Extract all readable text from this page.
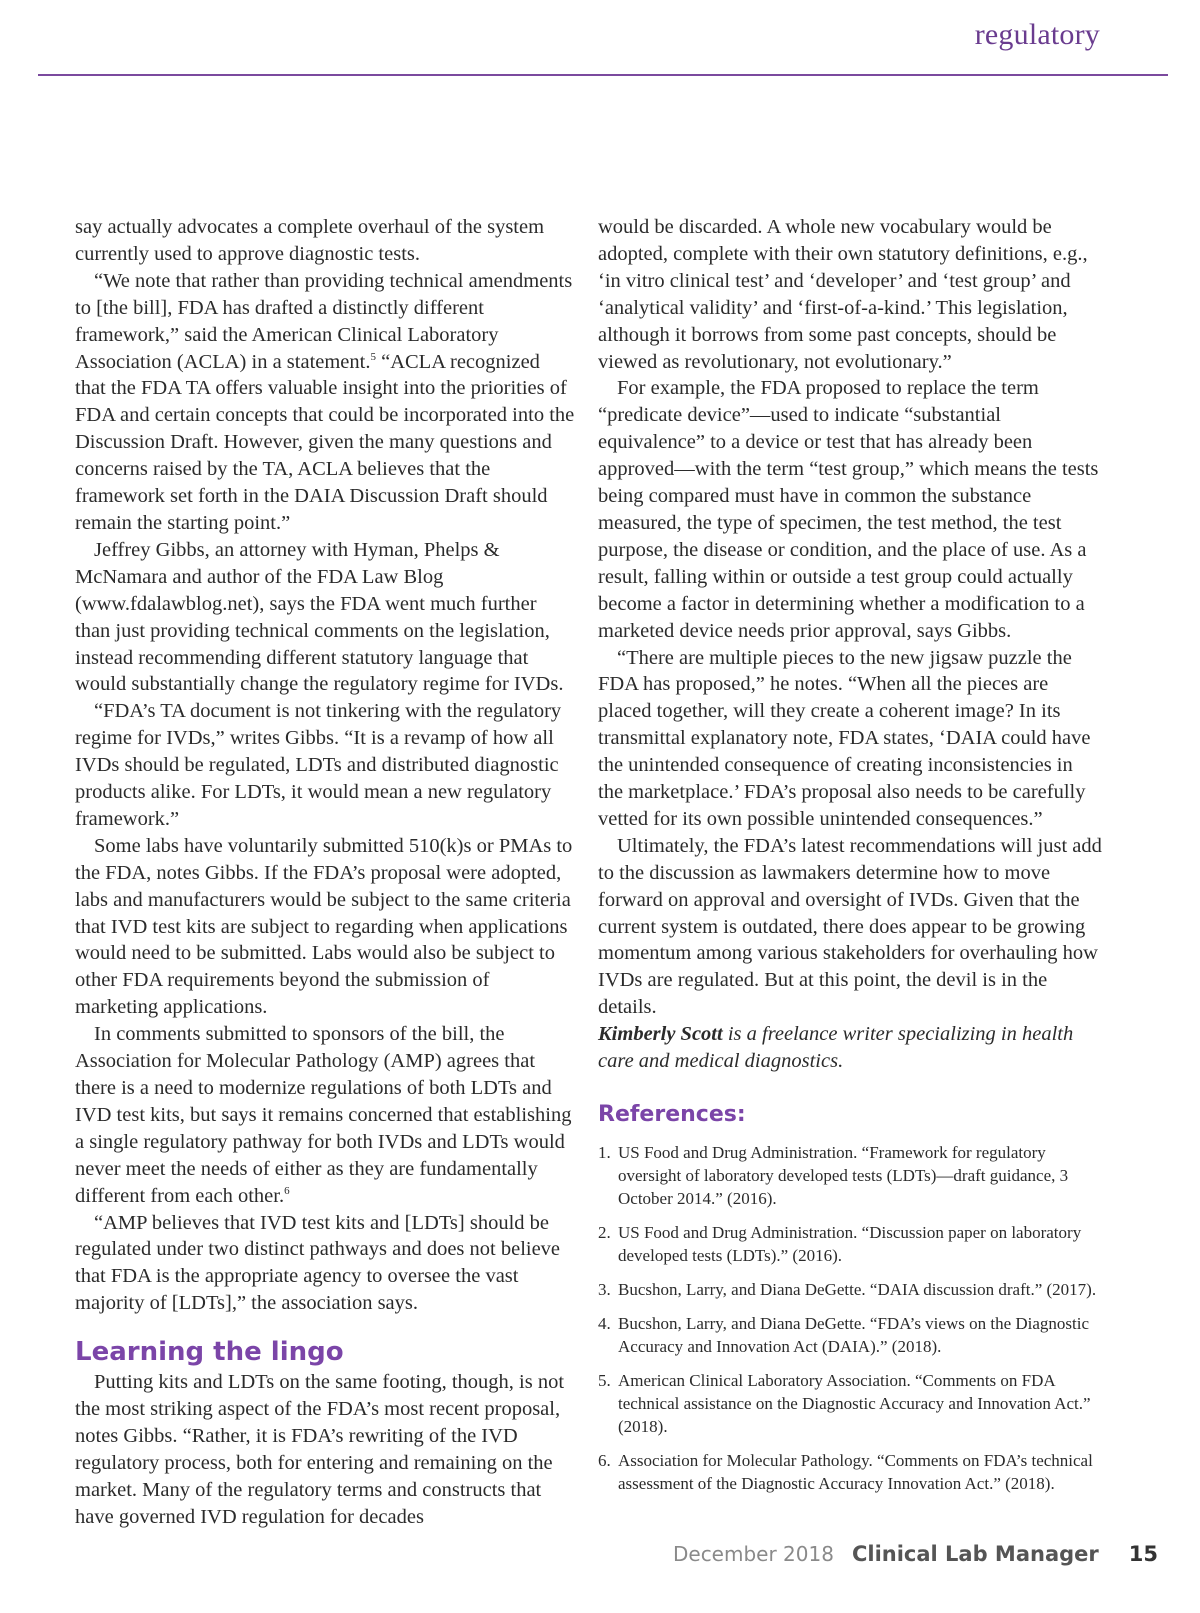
regulatory

say actually advocates a complete overhaul of the system currently used to approve diagnostic tests.

“We note that rather than providing technical amendments to [the bill], FDA has drafted a distinctly different framework,” said the American Clinical Laboratory Association (ACLA) in a statement.$^5$ “ACLA recognized that the FDA TA offers valuable insight into the priorities of FDA and certain concepts that could be incorporated into the Discussion Draft. However, given the many questions and concerns raised by the TA, ACLA believes that the framework set forth in the DAIA Discussion Draft should remain the starting point.”

Jeffrey Gibbs, an attorney with Hyman, Phelps & McNamara and author of the FDA Law Blog (www.fdalawblog.net), says the FDA went much further than just providing technical comments on the legislation, instead recommending different statutory language that would substantially change the regulatory regime for IVDs.

“FDA’s TA document is not tinkering with the regulatory regime for IVDs,” writes Gibbs. “It is a revamp of how all IVDs should be regulated, LDTs and distributed diagnostic products alike. For LDTs, it would mean a new regulatory framework.”

Some labs have voluntarily submitted 510(k)s or PMAs to the FDA, notes Gibbs. If the FDA’s proposal were adopted, labs and manufacturers would be subject to the same criteria that IVD test kits are subject to regarding when applications would need to be submitted. Labs would also be subject to other FDA requirements beyond the submission of marketing applications.

In comments submitted to sponsors of the bill, the Association for Molecular Pathology (AMP) agrees that there is a need to modernize regulations of both LDTs and IVD test kits, but says it remains concerned that establishing a single regulatory pathway for both IVDs and LDTs would never meet the needs of either as they are fundamentally different from each other.$^6$

“AMP believes that IVD test kits and [LDTs] should be regulated under two distinct pathways and does not believe that FDA is the appropriate agency to oversee the vast majority of [LDTs],” the association says.

Learning the lingo

Putting kits and LDTs on the same footing, though, is not the most striking aspect of the FDA’s most recent proposal, notes Gibbs. “Rather, it is FDA’s rewriting of the IVD regulatory process, both for entering and remaining on the market. Many of the regulatory terms and constructs that have governed IVD regulation for decades

would be discarded. A whole new vocabulary would be adopted, complete with their own statutory definitions, e.g., ‘in vitro clinical test’ and ‘developer’ and ‘test group’ and ‘analytical validity’ and ‘first-of-a-kind.’ This legislation, although it borrows from some past concepts, should be viewed as revolutionary, not evolutionary.”

For example, the FDA proposed to replace the term “predicate device”—used to indicate “substantial equivalence” to a device or test that has already been approved—with the term “test group,” which means the tests being compared must have in common the substance measured, the type of specimen, the test method, the test purpose, the disease or condition, and the place of use. As a result, falling within or outside a test group could actually become a factor in determining whether a modification to a marketed device needs prior approval, says Gibbs.

“There are multiple pieces to the new jigsaw puzzle the FDA has proposed,” he notes. “When all the pieces are placed together, will they create a coherent image? In its transmittal explanatory note, FDA states, ‘DAIA could have the unintended consequence of creating inconsistencies in the marketplace.’ FDA’s proposal also needs to be carefully vetted for its own possible unintended consequences.”

Ultimately, the FDA’s latest recommendations will just add to the discussion as lawmakers determine how to move forward on approval and oversight of IVDs. Given that the current system is outdated, there does appear to be growing momentum among various stakeholders for overhauling how IVDs are regulated. But at this point, the devil is in the details.

Kimberly Scott is a freelance writer specializing in health care and medical diagnostics.

References:
1. US Food and Drug Administration. “Framework for regulatory oversight of laboratory developed tests (LDTs)—draft guidance, 3 October 2014.” (2016).
2. US Food and Drug Administration. “Discussion paper on laboratory developed tests (LDTs).” (2016).
3. Bucshon, Larry, and Diana DeGette. “DAIA discussion draft.” (2017).
4. Bucshon, Larry, and Diana DeGette. “FDA’s views on the Diagnostic Accuracy and Innovation Act (DAIA).” (2018).
5. American Clinical Laboratory Association. “Comments on FDA technical assistance on the Diagnostic Accuracy and Innovation Act.” (2018).
6. Association for Molecular Pathology. “Comments on FDA’s technical assessment of the Diagnostic Accuracy Innovation Act.” (2018).
December 2018 Clinical Lab Manager 15
